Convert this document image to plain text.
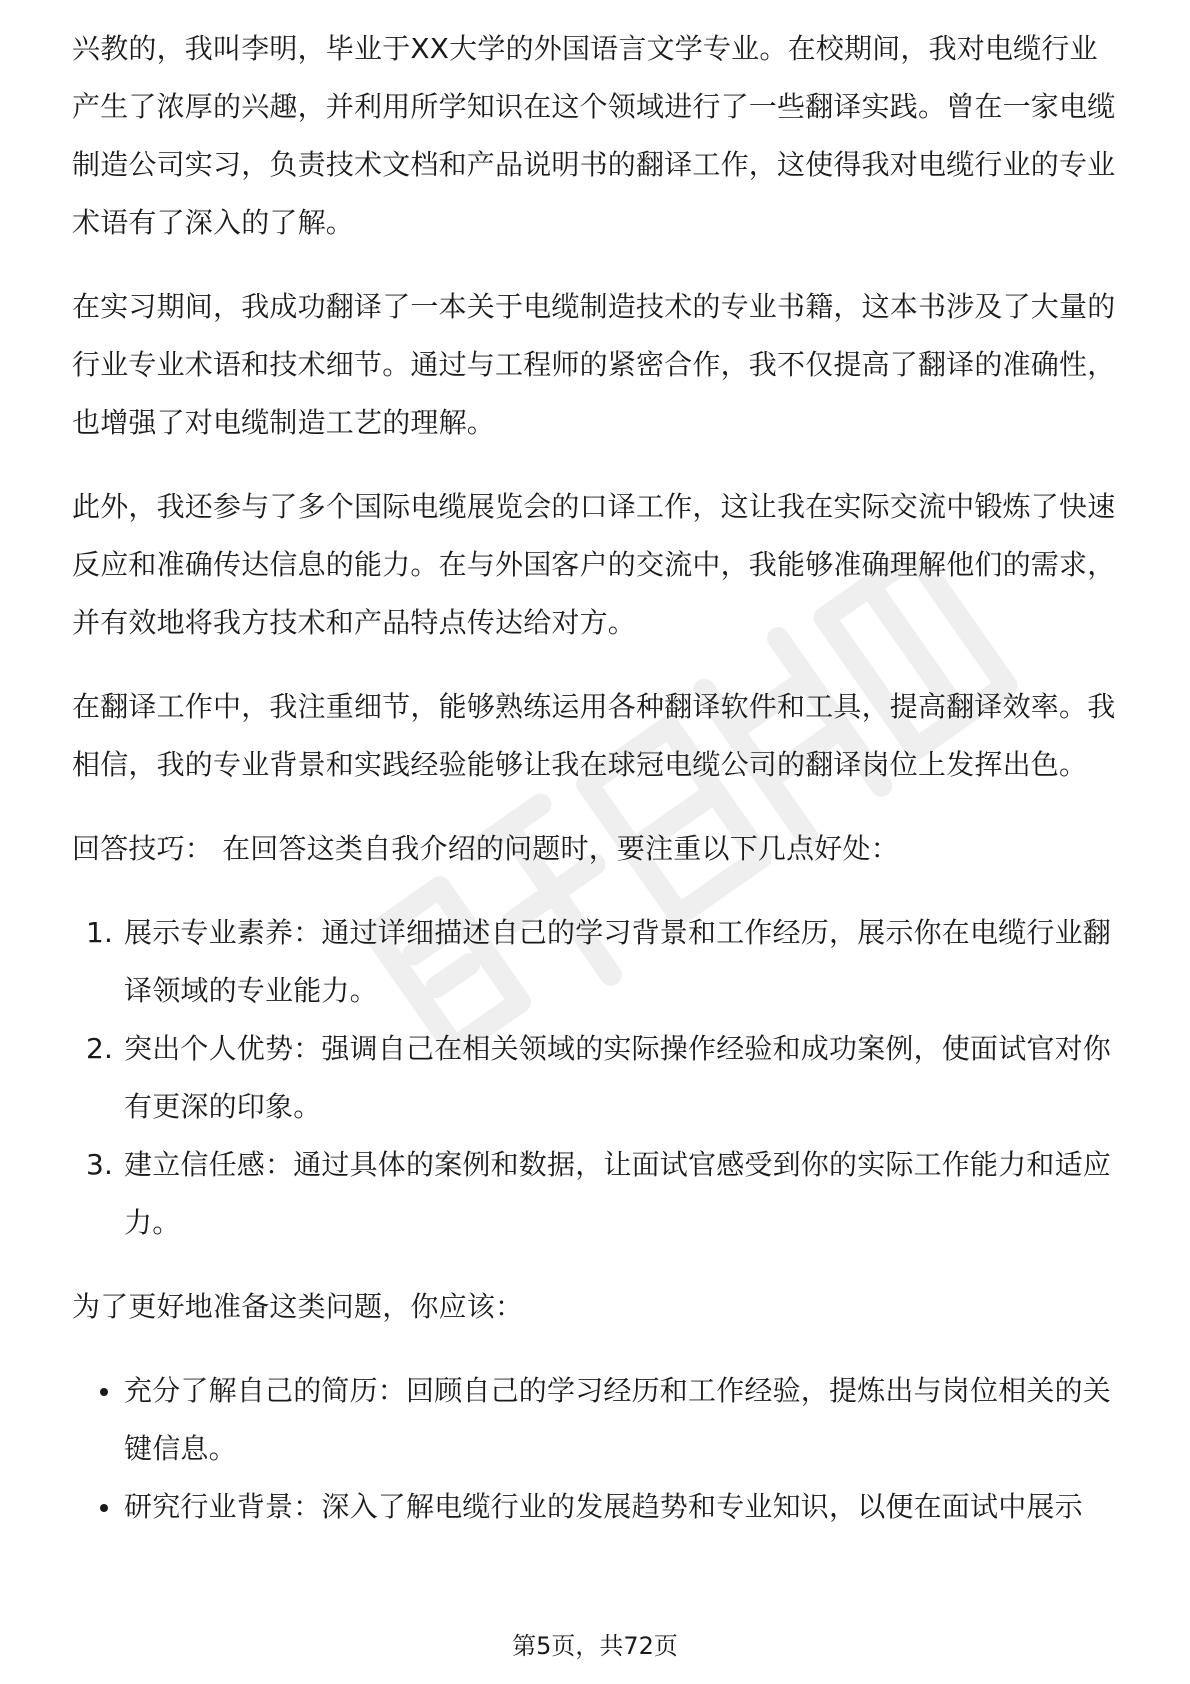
兴教的，我叫李明，毕业于XX大学的外国语言文学专业。在校期间，我对电缆行业

产生了浓厚的兴趣，并利用所学知识在这个领域进行了一些翻译实践。曾在一家电缆制造公司实习，负责技术文档和产品说明书的翻译工作，这使得我对电缆行业的专业术语有了深入的了解。

在实习期间，我成功翻译了一本关于电缆制造技术的专业书籍，这本书涉及了大量的行业专业术语和技术细节。通过与工程师的紧密合作，我不仅提高了翻译的准确性，也增强了对电缆制造工艺的理解。

此外，我还参与了多个国际电缆展览会的口译工作，这让我在实际交流中锻炼了快速反应和准确传达信息的能力。在与外国客户的交流中，我能够准确理解他们的需求，并有效地将我方技术和产品特点传达给对方。

在翻译工作中，我注重细节，能够熟练运用各种翻译软件和工具，提高翻译效率。我相信，我的专业背景和实践经验能够让我在球冠电缆公司的翻译岗位上发挥出色。

回答技巧： 在回答这类自我介绍的问题时，要注重以下几点好处：

1. 展示专业素养：通过详细描述自己的学习背景和工作经历，展示你在电缆行业翻译领域的专业能力。
2. 突出个人优势：强调自己在相关领域的实际操作经验和成功案例，使面试官对你有更深的印象。
3. 建立信任感：通过具体的案例和数据，让面试官感受到你的实际工作能力和适应力。

为了更好地准备这类问题，你应该：

充分了解自己的简历：回顾自己的学习经历和工作经验，提炼出与岗位相关的关键信息。
研究行业背景：深入了解电缆行业的发展趋势和专业知识，以便在面试中展示
第5页，共72页
